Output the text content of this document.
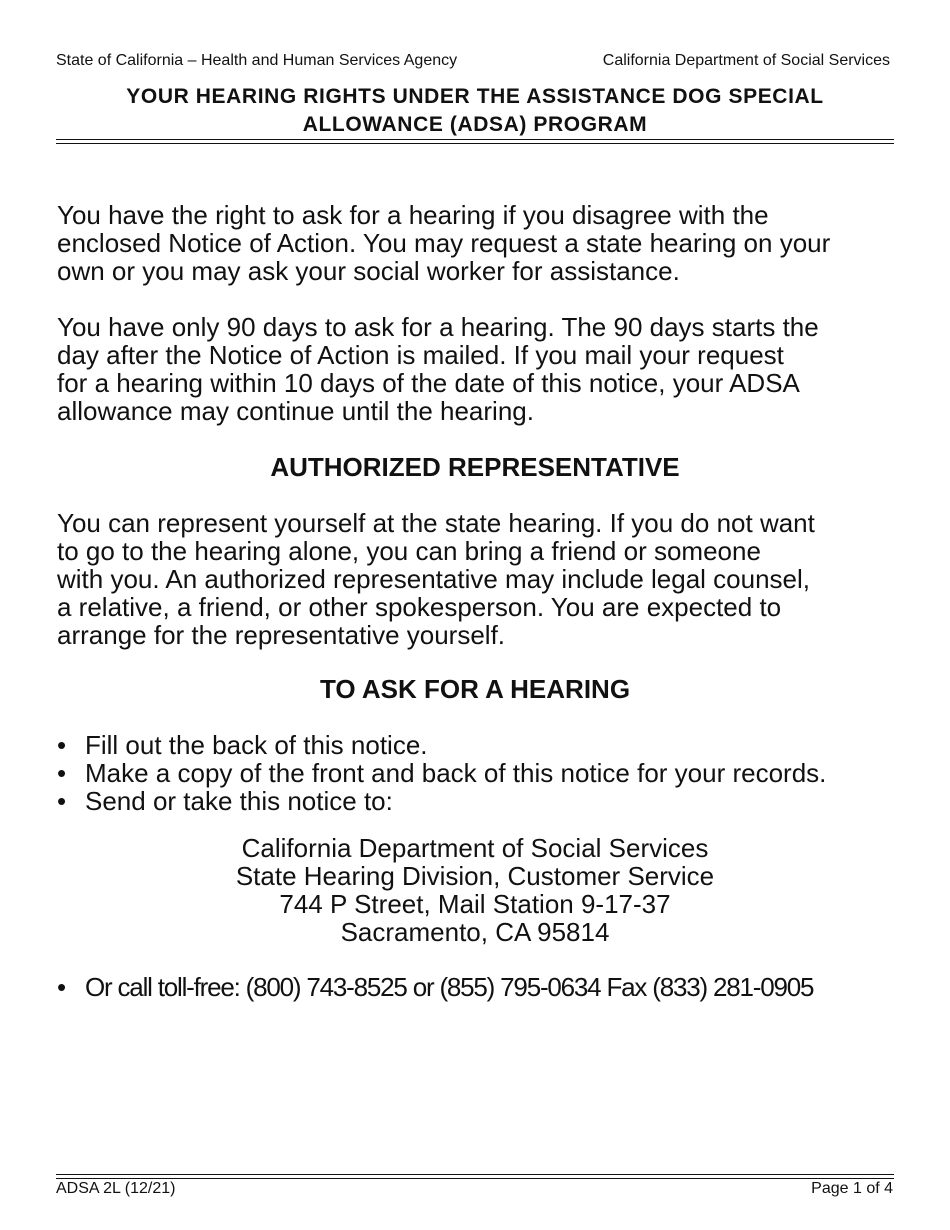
State of California – Health and Human Services Agency	California Department of Social Services
YOUR HEARING RIGHTS UNDER THE ASSISTANCE DOG SPECIAL
ALLOWANCE (ADSA) PROGRAM
You have the right to ask for a hearing if you disagree with the
enclosed Notice of Action. You may request a state hearing on your
own or you may ask your social worker for assistance.
You have only 90 days to ask for a hearing. The 90 days starts the
day after the Notice of Action is mailed. If you mail your request
for a hearing within 10 days of the date of this notice, your ADSA
allowance may continue until the hearing.
AUTHORIZED REPRESENTATIVE
You can represent yourself at the state hearing. If you do not want
to go to the hearing alone, you can bring a friend or someone
with you. An authorized representative may include legal counsel,
a relative, a friend, or other spokesperson. You are expected to
arrange for the representative yourself.
TO ASK FOR A HEARING
• Fill out the back of this notice.
• Make a copy of the front and back of this notice for your records.
• Send or take this notice to:
California Department of Social Services
State Hearing Division, Customer Service
744 P Street, Mail Station 9-17-37
Sacramento, CA 95814
• Or call toll-free: (800) 743-8525 or (855) 795-0634 Fax (833) 281-0905
ADSA 2L (12/21)	Page 1 of 4
